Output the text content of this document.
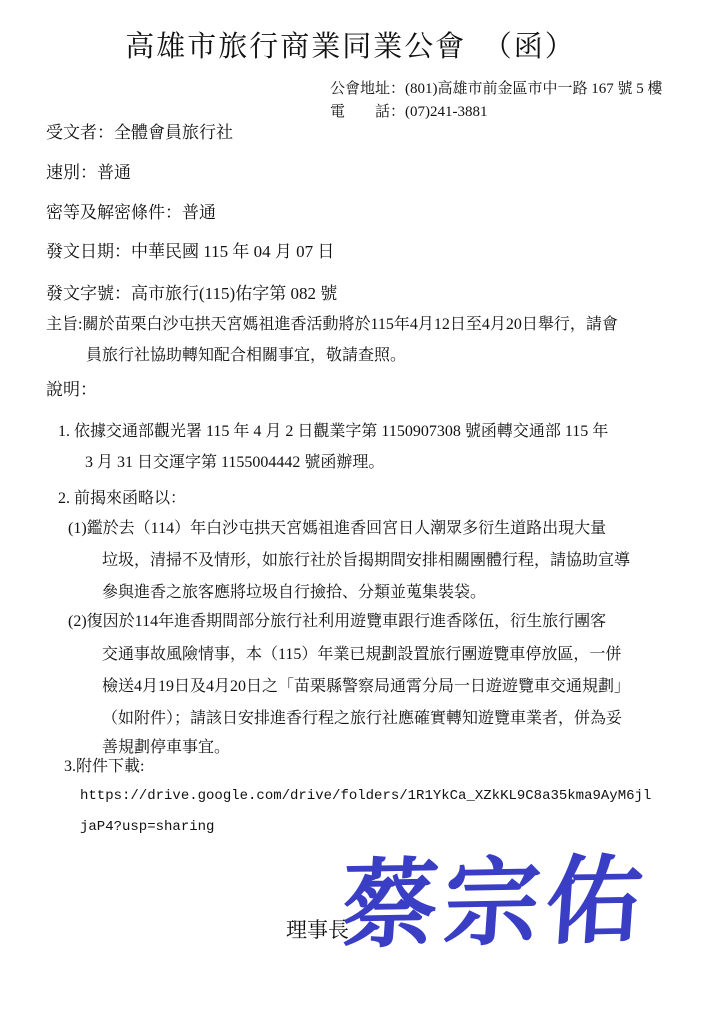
高雄市旅行商業同業公會　（函）
公會地址：(801)高雄市前金區市中一路 167 號 5 樓
電　　話：(07)241-3881
受文者：全體會員旅行社
速別：普通
密等及解密條件：普通
發文日期：中華民國 115 年 04 月 07 日
發文字號：高市旅行(115)佑字第 082 號
主旨:關於苗栗白沙屯拱天宮媽祖進香活動將於115年4月12日至4月20日舉行，請會
員旅行社協助轉知配合相關事宜，敬請查照。
說明：
1. 依據交通部觀光署 115 年 4 月 2 日觀業字第 1150907308 號函轉交通部 115 年
3 月 31 日交運字第 1155004442 號函辦理。
2. 前揭來函略以：
(1)鑑於去（114）年白沙屯拱天宮媽祖進香回宮日人潮眾多衍生道路出現大量
垃圾，清掃不及情形，如旅行社於旨揭期間安排相關團體行程，請協助宣導
參與進香之旅客應將垃圾自行撿拾、分類並蒐集裝袋。
(2)復因於114年進香期間部分旅行社利用遊覽車跟行進香隊伍，衍生旅行團客
交通事故風險情事，本（115）年業已規劃設置旅行團遊覽車停放區，一併
檢送4月19日及4月20日之「苗栗縣警察局通霄分局一日遊遊覽車交通規劃」
（如附件）；請該日安排進香行程之旅行社應確實轉知遊覽車業者，併為妥
善規劃停車事宜。
3.附件下載:
https://drive.google.com/drive/folders/1R1YkCa_XZkKL9C8a35kma9AyM6jl
jaP4?usp=sharing
理事長
蔡宗佑
